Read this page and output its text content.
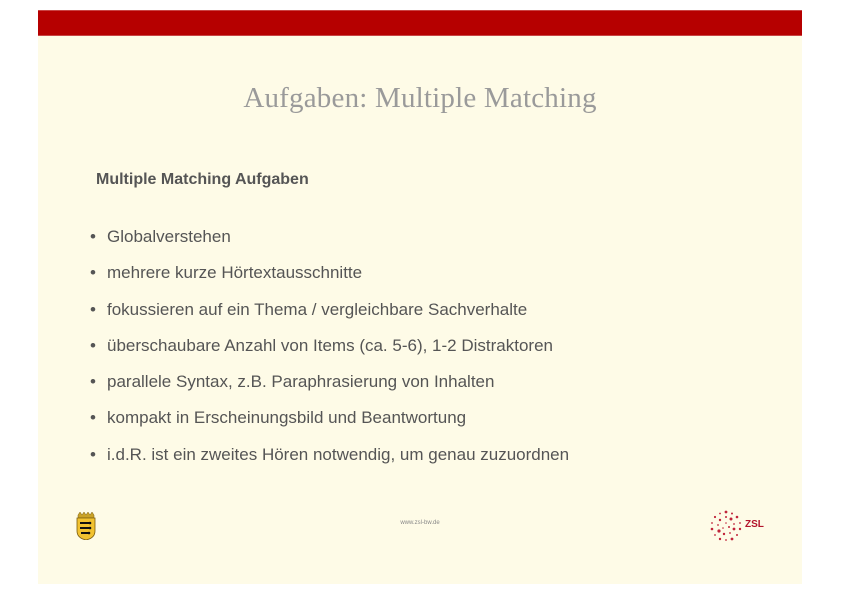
Aufgaben: Multiple Matching
Multiple Matching Aufgaben
• Globalverstehen
• mehrere kurze Hörtextausschnitte
• fokussieren auf ein Thema / vergleichbare Sachverhalte
• überschaubare Anzahl von Items (ca. 5-6), 1-2 Distraktoren
• parallele Syntax, z.B. Paraphrasierung von Inhalten
• kompakt in Erscheinungsbild und Beantwortung
• i.d.R. ist ein zweites Hören notwendig, um genau zuzuordnen
www.zsl-bw.de	ZSL
